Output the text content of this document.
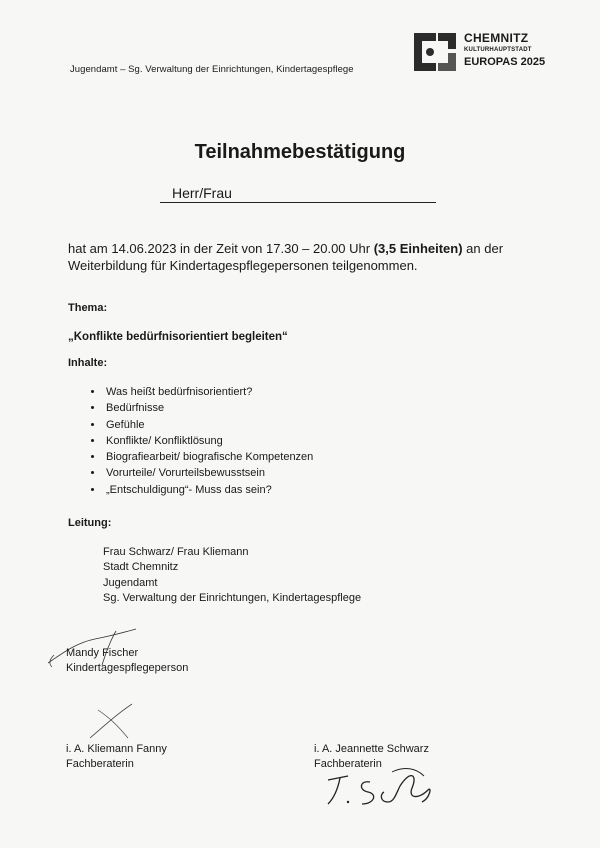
Jugendamt – Sg. Verwaltung der Einrichtungen, Kindertagespflege
CHEMNITZ
KULTURHAUPTSTADT
EUROPAS 2025
Teilnahmebestätigung
Herr/Frau
hat am 14.06.2023 in der Zeit von 17.30 – 20.00 Uhr (3,5 Einheiten) an der Weiterbildung für Kindertagespflegepersonen teilgenommen.
Thema:
„Konflikte bedürfnisorientiert begleiten“
Inhalte:
• Was heißt bedürfnisorientiert?
• Bedürfnisse
• Gefühle
• Konflikte/ Konfliktlösung
• Biografiearbeit/ biografische Kompetenzen
• Vorurteile/ Vorurteilsbewusstsein
• „Entschuldigung“- Muss das sein?
Leitung:
Frau Schwarz/ Frau Kliemann
Stadt Chemnitz
Jugendamt
Sg. Verwaltung der Einrichtungen, Kindertagespflege
Mandy Fischer
Kindertagespflegeperson
i. A. Kliemann Fanny
Fachberaterin
i. A. Jeannette Schwarz
Fachberaterin
